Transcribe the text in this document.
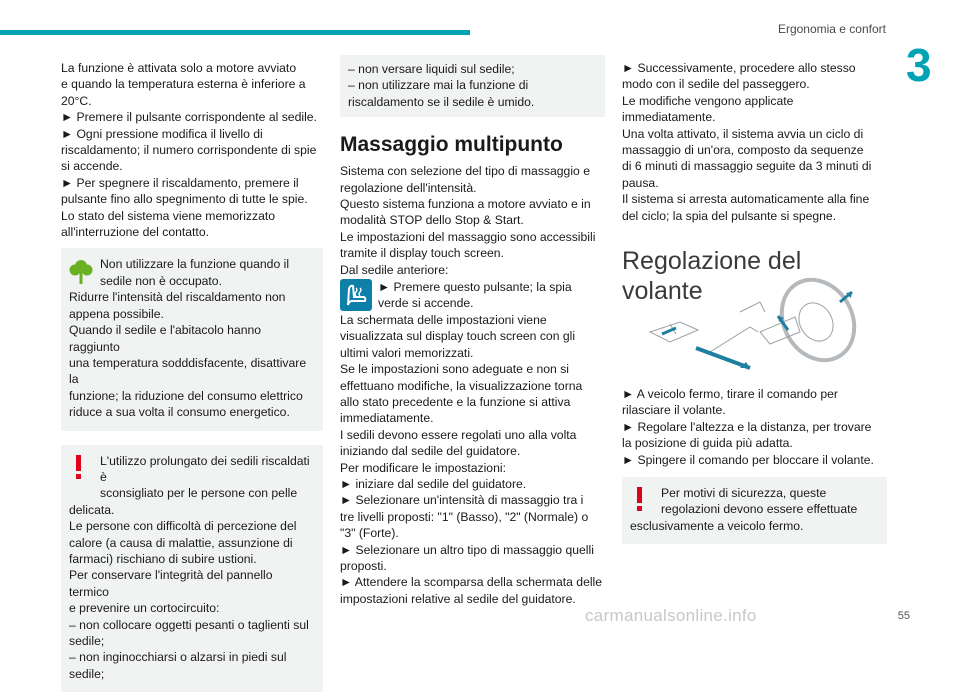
Ergonomia e confort
3

La funzione è attivata solo a motore avviato
e quando la temperatura esterna è inferiore a
20°C.
► Premere il pulsante corrispondente al sedile.
► Ogni pressione modifica il livello di
riscaldamento; il numero corrispondente di spie
si accende.
► Per spegnere il riscaldamento, premere il
pulsante fino allo spegnimento di tutte le spie.
Lo stato del sistema viene memorizzato
all'interruzione del contatto.

Non utilizzare la funzione quando il
sedile non è occupato.

Ridurre l'intensità del riscaldamento non
appena possibile.
Quando il sedile e l'abitacolo hanno raggiunto
una temperatura sodddisfacente, disattivare la
funzione; la riduzione del consumo elettrico
riduce a sua volta il consumo energetico.

L'utilizzo prolungato dei sedili riscaldati è
sconsigliato per le persone con pelle

delicata.
Le persone con difficoltà di percezione del
calore (a causa di malattie, assunzione di
farmaci) rischiano di subire ustioni.
Per conservare l'integrità del pannello termico
e prevenire un cortocircuito:
– non collocare oggetti pesanti o taglienti sul
sedile;
– non inginocchiarsi o alzarsi in piedi sul
sedile;

– non versare liquidi sul sedile;
– non utilizzare mai la funzione di
riscaldamento se il sedile è umido.

Massaggio multipunto

Sistema con selezione del tipo di massaggio e
regolazione dell'intensità.
Questo sistema funziona a motore avviato e in
modalità STOP dello Stop & Start.
Le impostazioni del massaggio sono accessibili
tramite il display touch screen.
Dal sedile anteriore:

► Premere questo pulsante; la spia
verde si accende.

La schermata delle impostazioni viene
visualizzata sul display touch screen con gli
ultimi valori memorizzati.
Se le impostazioni sono adeguate e non si
effettuano modifiche, la visualizzazione torna
allo stato precedente e la funzione si attiva
immediatamente.
I sedili devono essere regolati uno alla volta
iniziando dal sedile del guidatore.
Per modificare le impostazioni:
► iniziare dal sedile del guidatore.
► Selezionare un'intensità di massaggio tra i
tre livelli proposti: "1" (Basso), "2" (Normale) o
"3" (Forte).
► Selezionare un altro tipo di massaggio quelli
proposti.
► Attendere la scomparsa della schermata delle
impostazioni relative al sedile del guidatore.

► Successivamente, procedere allo stesso
modo con il sedile del passeggero.
Le modifiche vengono applicate
immediatamente.
Una volta attivato, il sistema avvia un ciclo di
massaggio di un'ora, composto da sequenze
di 6 minuti di massaggio seguite da 3 minuti di
pausa.
Il sistema si arresta automaticamente alla fine
del ciclo; la spia del pulsante si spegne.

Regolazione del volante

► A veicolo fermo, tirare il comando per
rilasciare il volante.
► Regolare l'altezza e la distanza, per trovare
la posizione di guida più adatta.
► Spingere il comando per bloccare il volante.

Per motivi di sicurezza, queste
regolazioni devono essere effettuate

esclusivamente a veicolo fermo.

carmanualsonline.info	55
